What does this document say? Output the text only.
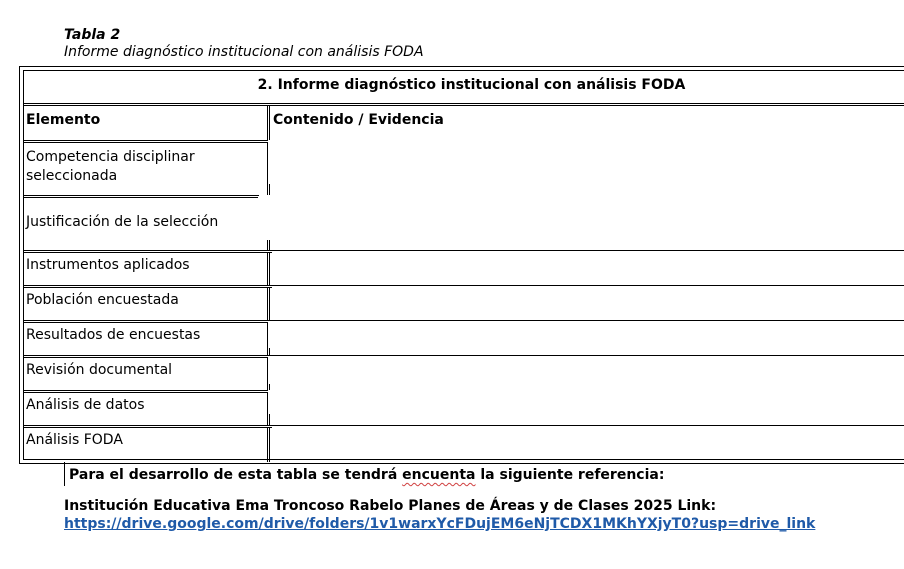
Tabla 2
Informe diagnóstico institucional con análisis FODA
2. Informe diagnóstico institucional con análisis FODA
Elemento	Contenido / Evidencia
Competencia disciplinar
seleccionada
Justificación de la selección
Instrumentos aplicados
Población encuestada
Resultados de encuestas
Revisión documental
Análisis de datos
Análisis FODA
Para el desarrollo de esta tabla se tendrá encuenta la siguiente referencia:
Institución Educativa Ema Troncoso Rabelo Planes de Áreas y de Clases 2025 Link:
https://drive.google.com/drive/folders/1v1warxYcFDujEM6eNjTCDX1MKhYXjyT0?usp=drive_link
